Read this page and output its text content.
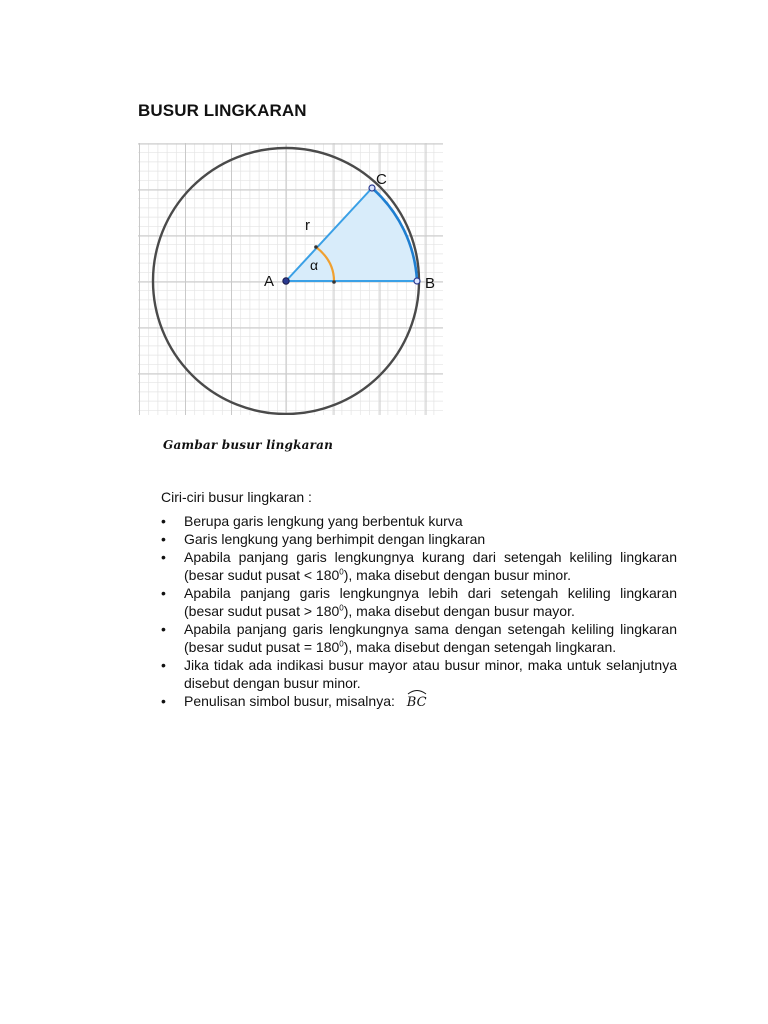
BUSUR LINGKARAN
A	B
C
r
α
Gambar busur lingkaran
Ciri-ciri busur lingkaran :
• Berupa garis lengkung yang berbentuk kurva
• Garis lengkung yang berhimpit dengan lingkaran
• Apabila panjang garis lengkungnya kurang dari setengah keliling lingkaran
(besar sudut pusat < $180^0$), maka disebut dengan busur minor.
• Apabila panjang garis lengkungnya lebih dari setengah keliling lingkaran
(besar sudut pusat > $180^0$), maka disebut dengan busur mayor.
• Apabila panjang garis lengkungnya sama dengan setengah keliling lingkaran
(besar sudut pusat = $180^0$), maka disebut dengan setengah lingkaran.
• Jika tidak ada indikasi busur mayor atau busur minor, maka untuk selanjutnya
disebut dengan busur minor.
• Penulisan simbol busur, misalnya: BC
